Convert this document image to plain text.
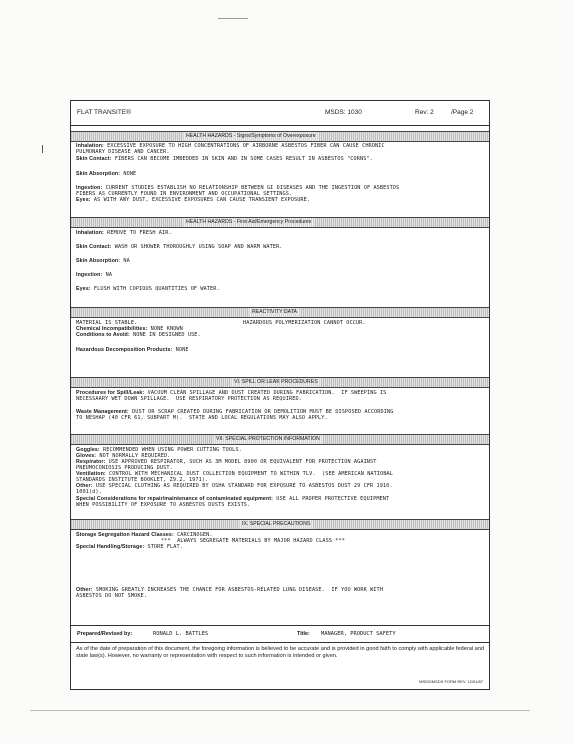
FLAT TRANSITE®	MSDS: 1030	Rev: 2	/Page 2
HEALTH HAZARDS - Signs/Symptoms of Overexposure
Inhalation: EXCESSIVE EXPOSURE TO HIGH CONCENTRATIONS OF AIRBORNE ASBESTOS FIBER CAN CAUSE CHRONIC
PULMONARY DISEASE AND CANCER.
Skin Contact: FIBERS CAN BECOME IMBEDDED IN SKIN AND IN SOME CASES RESULT IN ASBESTOS "CORNS".
Skin Absorption: NONE
Ingestion: CURRENT STUDIES ESTABLISH NO RELATIONSHIP BETWEEN GI DISEASES AND THE INGESTION OF ASBESTOS
FIBERS AS CURRENTLY FOUND IN ENVIRONMENT AND OCCUPATIONAL SETTINGS.
Eyes: AS WITH ANY DUST, EXCESSIVE EXPOSURES CAN CAUSE TRANSIENT EXPOSURE.
HEALTH HAZARDS - First Aid/Emergency Procedures
Inhalation: REMOVE TO FRESH AIR.
Skin Contact: WASH OR SHOWER THOROUGHLY USING SOAP AND WARM WATER.
Skin Absorption: NA
Ingestion: NA
Eyes: FLUSH WITH COPIOUS QUANTITIES OF WATER.
REACTIVITY DATA
MATERIAL IS STABLE.	HAZARDOUS POLYMERIZATION CANNOT OCCUR.
Chemical Incompatibilities: NONE KNOWN
Conditions to Avoid: NONE IN DESIGNED USE.
Hazardous Decomposition Products: NONE
VI. SPILL OR LEAK PROCEDURES
Procedures for Spill/Leak: VACUUM CLEAN SPILLAGE AND DUST CREATED DURING FABRICATION.  IF SWEEPING IS
NECESSAARY WET DOWN SPILLAGE.  USE RESPIRATORY PROTECTION AS REQUIRED.
Waste Management: DUST OR SCRAP CREATED DURING FABRICATION OR DEMOLITION MUST BE DISPOSED ACCORDING
TO NESHAP (40 CFR 61, SUBPART M).  STATE AND LOCAL REGULATIONS MAY ALSO APPLY.
VII. SPECIAL PROTECTION INFORMATION
Goggles: RECOMMENDED WHEN USING POWER CUTTING TOOLS.
Gloves: NOT NORMALLY REQUIRED.
Respirator: USE APPROVED RESPIRATOR, SUCH AS 3M MODEL 8900 OR EQUIVALENT FOR PROTECTION AGAINST
PNEUMOCONIOSIS PRODUCING DUST.
Ventilation: CONTROL WITH MECHANICAL DUST COLLECTION EQUIPMENT TO WITHIN TLV.  (SEE AMERICAN NATIONAL
STANDARDS INSTITUTE BOOKLET, Z9.2, 1971).
Other: USE SPECIAL CLOTHING AS REQUIRED BY OSHA STANDARD FOR EXPOSURE TO ASBESTOS DUST 29 CFR 1910.
1001(d).
Special Considerations for repair/maintenance of contaminated equipment: USE ALL PROPER PROTECTIVE EQUIPMENT
WHEN POSSIBILITY OF EXPOSURE TO ASBESTOS DUSTS EXISTS.
IX. SPECIAL PRECAUTIONS
Storage Segregation Hazard Classes: CARCINOGEN.
***  ALWAYS SEGREGATE MATERIALS BY MAJOR HAZARD CLASS ***
Special Handling/Storage: STORE FLAT.
Other: SMOKING GREATLY INCREASES THE CHANCE FOR ASBESTOS-RELATED LUNG DISEASE.  IF YOU WORK WITH
ASBESTOS DO NOT SMOKE.
Prepared/Revised by:	RONALD L. BATTLES	Title: MANAGER, PRODUCT SAFETY
As of the date of preparation of this document, the foregoing information is believed to be accurate and is provided in good faith to comply with applicable federal and state law(s). However, no warranty or representation with respect to such information is intended or given.
MSDS/MSDS FORM REV. 12/01/87
